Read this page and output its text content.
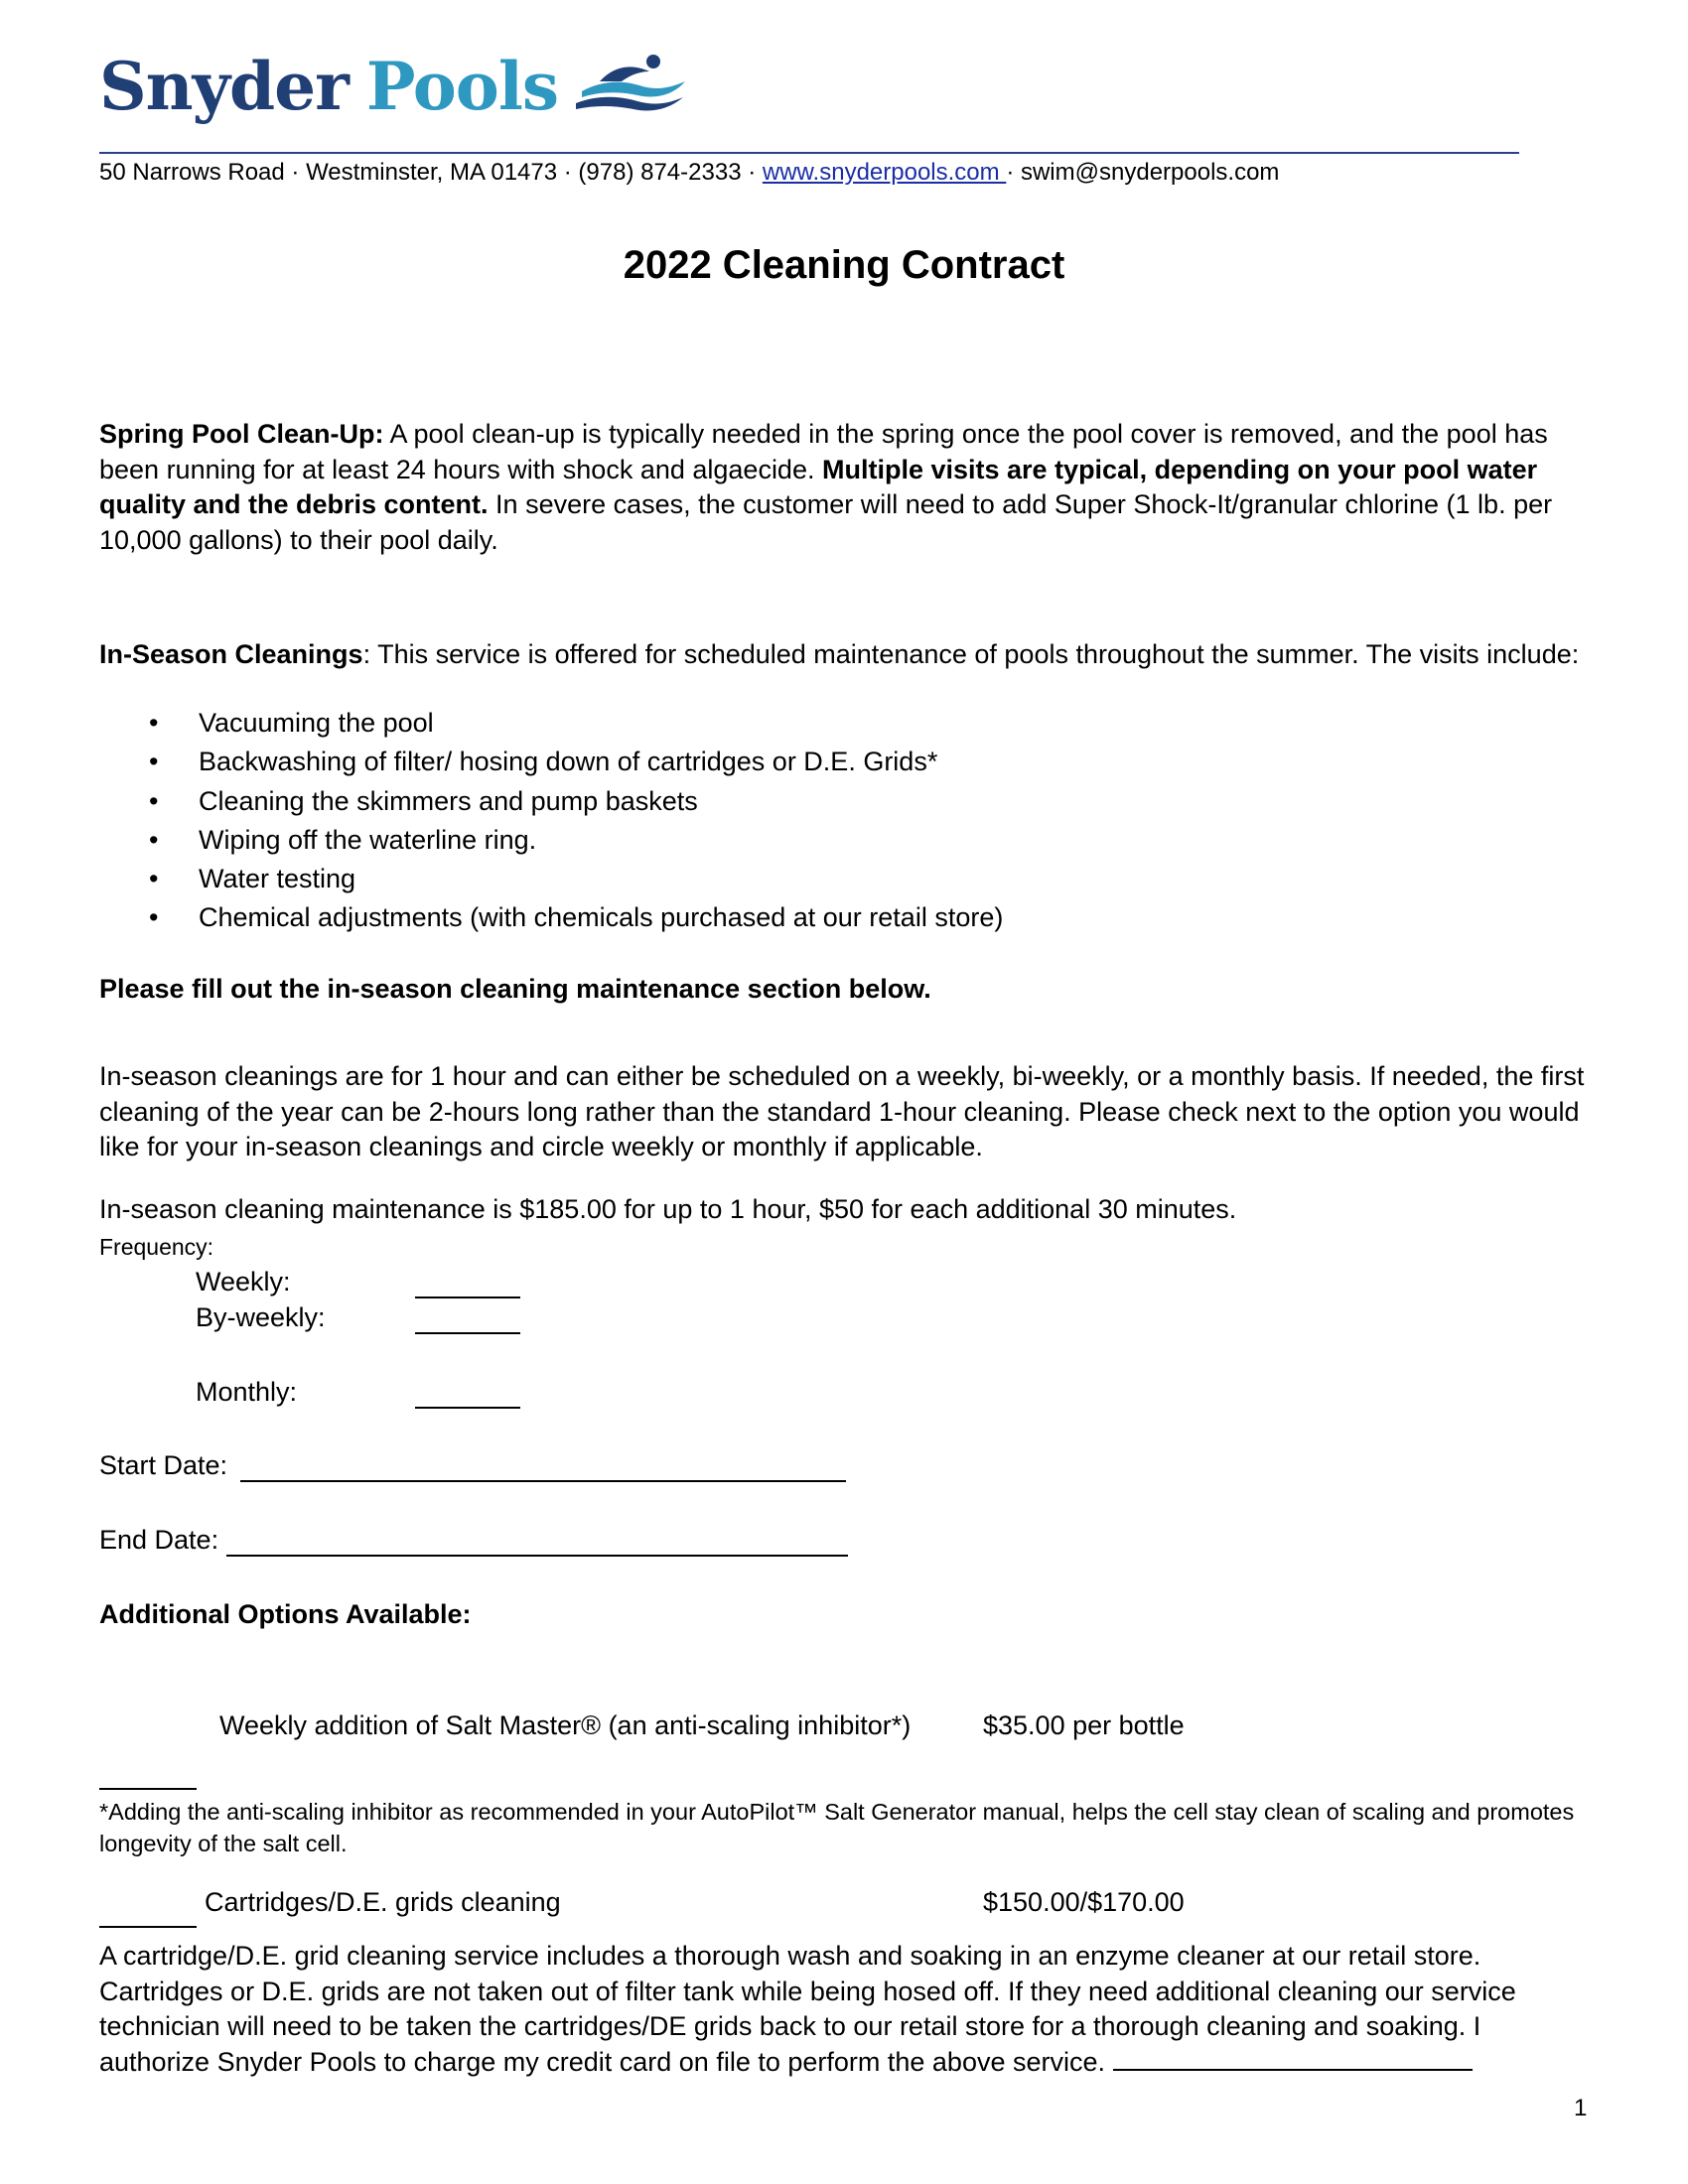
Snyder Pools
50 Narrows Road · Westminster, MA 01473 · (978) 874-2333 · www.snyderpools.com · swim@snyderpools.com
2022 Cleaning Contract
Spring Pool Clean-Up: A pool clean-up is typically needed in the spring once the pool cover is removed, and the pool has been running for at least 24 hours with shock and algaecide. Multiple visits are typical, depending on your pool water quality and the debris content. In severe cases, the customer will need to add Super Shock-It/granular chlorine (1 lb. per 10,000 gallons) to their pool daily.
In-Season Cleanings: This service is offered for scheduled maintenance of pools throughout the summer. The visits include:
• Vacuuming the pool
• Backwashing of filter/ hosing down of cartridges or D.E. Grids*
• Cleaning the skimmers and pump baskets
• Wiping off the waterline ring.
• Water testing
• Chemical adjustments (with chemicals purchased at our retail store)
Please fill out the in-season cleaning maintenance section below.
In-season cleanings are for 1 hour and can either be scheduled on a weekly, bi-weekly, or a monthly basis. If needed, the first cleaning of the year can be 2-hours long rather than the standard 1-hour cleaning. Please check next to the option you would like for your in-season cleanings and circle weekly or monthly if applicable.
In-season cleaning maintenance is $185.00 for up to 1 hour, $50 for each additional 30 minutes.
Frequency:
Weekly:
By-weekly:
Monthly:
Start Date:
End Date:
Additional Options Available:
Weekly addition of Salt Master® (an anti-scaling inhibitor*)	$35.00 per bottle
*Adding the anti-scaling inhibitor as recommended in your AutoPilot™ Salt Generator manual, helps the cell stay clean of scaling and promotes longevity of the salt cell.
Cartridges/D.E. grids cleaning	$150.00/$170.00
A cartridge/D.E. grid cleaning service includes a thorough wash and soaking in an enzyme cleaner at our retail store. Cartridges or D.E. grids are not taken out of filter tank while being hosed off. If they need additional cleaning our service technician will need to be taken the cartridges/DE grids back to our retail store for a thorough cleaning and soaking. I authorize Snyder Pools to charge my credit card on file to perform the above service.
1
